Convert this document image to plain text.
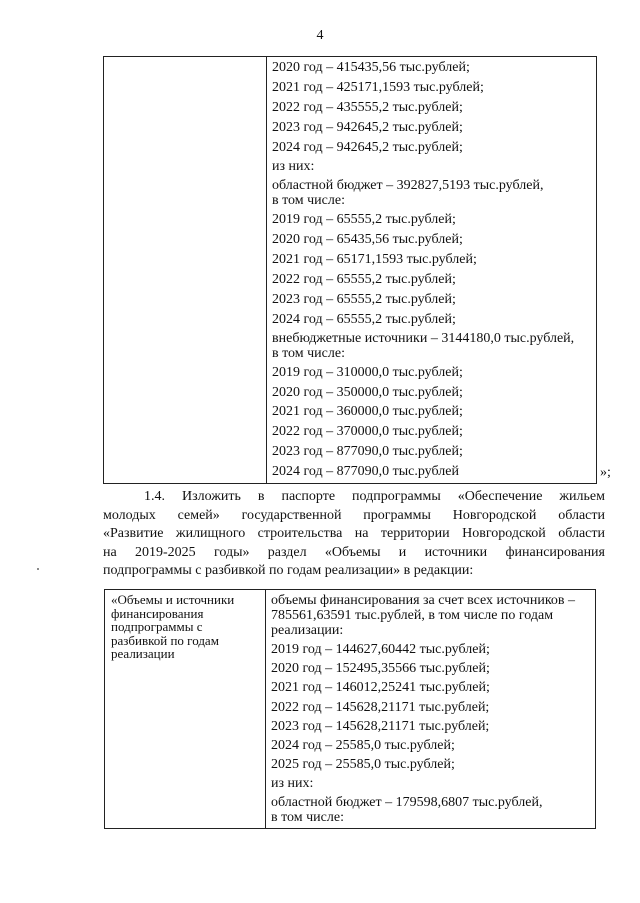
4

2020 год – 415435,56 тыс.рублей;
2021 год – 425171,1593 тыс.рублей;
2022 год – 435555,2 тыс.рублей;
2023 год – 942645,2 тыс.рублей;
2024 год – 942645,2 тыс.рублей;
из них:
областной бюджет – 392827,5193 тыс.рублей,
в том числе:
2019 год – 65555,2 тыс.рублей;
2020 год – 65435,56 тыс.рублей;
2021 год – 65171,1593 тыс.рублей;
2022 год – 65555,2 тыс.рублей;
2023 год – 65555,2 тыс.рублей;
2024 год – 65555,2 тыс.рублей;
внебюджетные источники – 3144180,0 тыс.рублей,
в том числе:
2019 год – 310000,0 тыс.рублей;
2020 год – 350000,0 тыс.рублей;
2021 год – 360000,0 тыс.рублей;
2022 год – 370000,0 тыс.рублей;
2023 год – 877090,0 тыс.рублей;
2024 год – 877090,0 тыс.рублей	»;
1.4. Изложить в паспорте подпрограммы «Обеспечение жильем
молодых семей» государственной программы Новгородской области
«Развитие жилищного строительства на территории Новгородской области
на 2019-2025 годы» раздел «Объемы и источники финансирования
подпрограммы с разбивкой по годам реализации» в редакции:
«Объемы и источники финансирования подпрограммы с разбивкой по годам реализации

объемы финансирования за счет всех источников – 785561,63591 тыс.рублей, в том числе по годам реализации:
2019 год – 144627,60442 тыс.рублей;
2020 год – 152495,35566 тыс.рублей;
2021 год – 146012,25241 тыс.рублей;
2022 год – 145628,21171 тыс.рублей;
2023 год – 145628,21171 тыс.рублей;
2024 год – 25585,0 тыс.рублей;
2025 год – 25585,0 тыс.рублей;
из них:
областной бюджет – 179598,6807 тыс.рублей,
в том числе:
